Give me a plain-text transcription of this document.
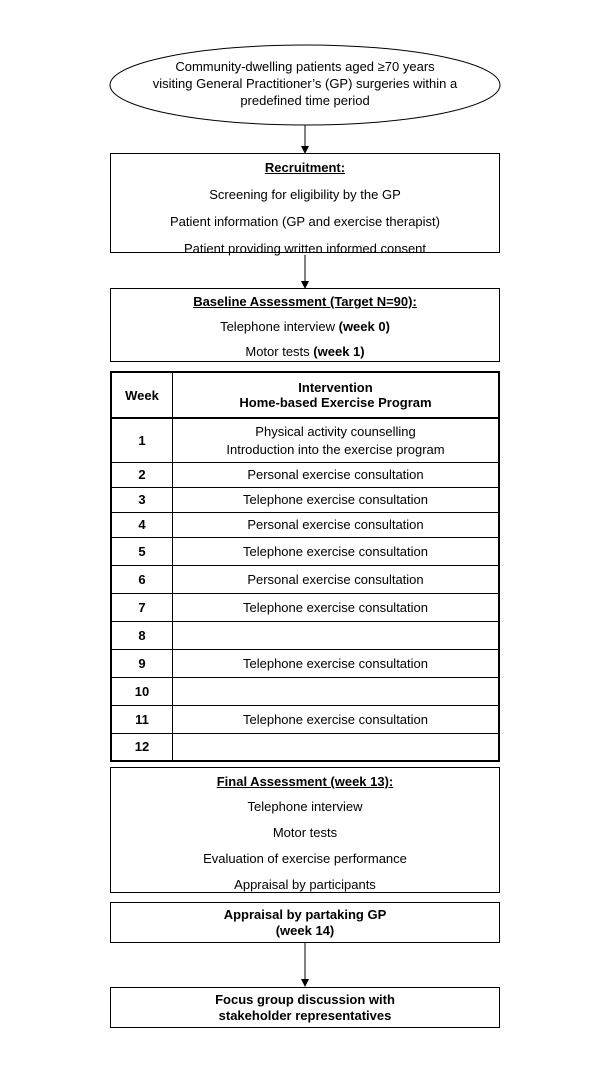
Community-dwelling patients aged ≥70 years
visiting General Practitioner’s (GP) surgeries within a
predefined time period

Recruitment:

Screening for eligibility by the GP

Patient information (GP and exercise therapist)

Patient providing written informed consent

Baseline Assessment (Target N=90):

Telephone interview (week 0)

Motor tests (week 1)

Week	Intervention
Home-based Exercise Program

1	Physical activity counselling
Introduction into the exercise program

2	Personal exercise consultation

3	Telephone exercise consultation

4	Personal exercise consultation

5	Telephone exercise consultation

6	Personal exercise consultation

7	Telephone exercise consultation

8	

9	Telephone exercise consultation

10	

11	Telephone exercise consultation

12	

Final Assessment (week 13):

Telephone interview

Motor tests

Evaluation of exercise performance

Appraisal by participants

Appraisal by partaking GP

(week 14)

Focus group discussion with

stakeholder representatives
